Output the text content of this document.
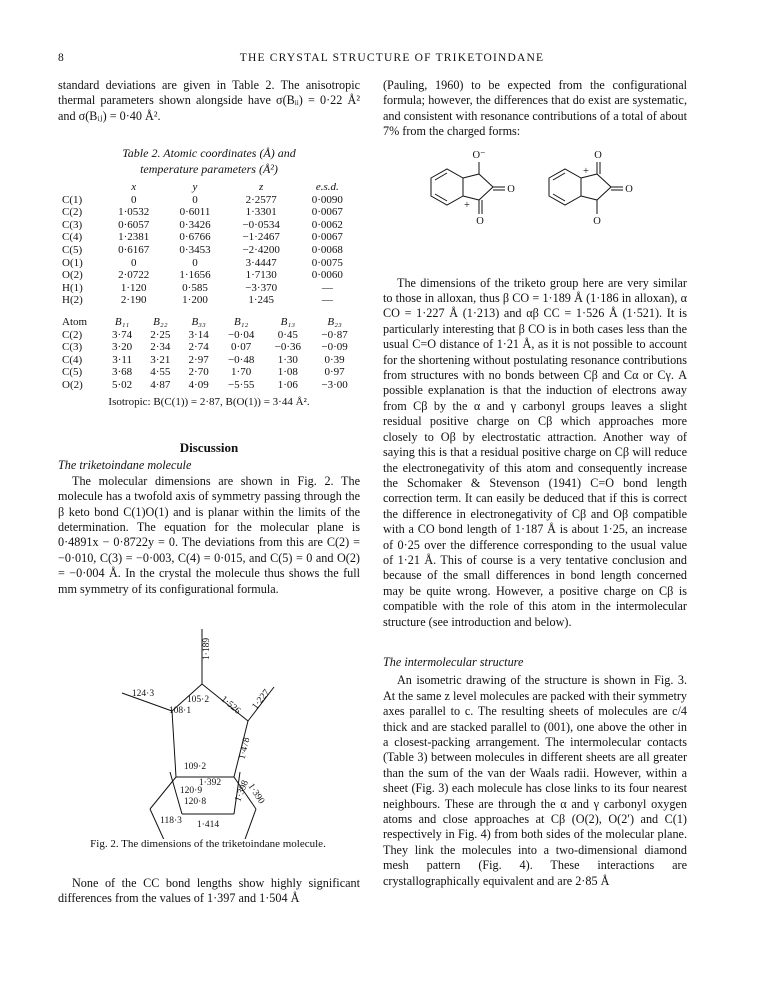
8	THE CRYSTAL STRUCTURE OF TRIKETOINDANE

standard deviations are given in Table 2. The anisotropic thermal parameters shown alongside have σ(Bᵢᵢ) = 0·22 Å² and σ(Bᵢⱼ) = 0·40 Å².

Table 2. Atomic coordinates (Å) and

temperature parameters (Å²)

	x	y	z	e.s.d.
C(1)	0	0	2·2577	0·0090
C(2)	1·0532	0·6011	1·3301	0·0067
C(3)	0·6057	0·3426	−0·0534	0·0062
C(4)	1·2381	0·6766	−1·2467	0·0067
C(5)	0·6167	0·3453	−2·4200	0·0068
O(1)	0	0	3·4447	0·0075
O(2)	2·0722	1·1656	1·7130	0·0060
H(1)	1·120	0·585	−3·370	—
H(2)	2·190	1·200	1·245	—
Atom	B₁₁	B₂₂	B₃₃	B₁₂	B₁₃	B₂₃
C(2)	3·74	2·25	3·14	−0·04	0·45	−0·87
C(3)	3·20	2·34	2·74	0·07	−0·36	−0·09
C(4)	3·11	3·21	2·97	−0·48	1·30	0·39
C(5)	3·68	4·55	2·70	1·70	1·08	0·97
O(2)	5·02	4·87	4·09	−5·55	1·06	−3·00

Isotropic: B(C(1)) = 2·87, B(O(1)) = 3·44 Å².

Discussion

The triketoindane molecule

The molecular dimensions are shown in Fig. 2. The molecule has a twofold axis of symmetry passing through the β keto bond C(1)O(1) and is planar within the limits of the determination. The equation for the molecular plane is 0·4891x − 0·8722y = 0. The deviations from this are C(2) = −0·010, C(3) = −0·003, C(4) = 0·015, and C(5) = 0 and O(2) = −0·004 Å. In the crystal the molecule thus shows the full mm symmetry of its configurational formula.

1·189
1·227
124·3
105·2 1·526
108·1
1·478
109·2
1·392
120·9	1·390
118·3
1·398
120·8
1·414

Fig. 2. The dimensions of the triketoindane molecule.

None of the CC bond lengths show highly significant differences from the values of 1·397 and 1·504 Å

(Pauling, 1960) to be expected from the configurational formula; however, the differences that do exist are systematic, and consistent with resonance contributions of a total of about 7% from the charged forms:

O⁻
O
+
O
O
O
+
O

The dimensions of the triketo group here are very similar to those in alloxan, thus β CO = 1·189 Å (1·186 in alloxan), α CO = 1·227 Å (1·213) and αβ CC = 1·526 Å (1·521). It is particularly interesting that β CO is in both cases less than the usual C=O distance of 1·21 Å, as it is not possible to account for the shortening without postulating resonance contributions from structures with no bonds between Cβ and Cα or Cγ. A possible explanation is that the induction of electrons away from Cβ by the α and γ carbonyl groups leaves a slight residual positive charge on Cβ which approaches more closely to Oβ by electrostatic attraction. Another way of saying this is that a residual positive charge on Cβ will reduce the electronegativity of this atom and consequently increase the Schomaker & Stevenson (1941) C=O bond length correction term. It can easily be deduced that if this is correct the difference in electronegativity of Cβ and Oβ compatible with a CO bond length of 1·187 Å is about 1·25, an increase of 0·25 over the difference corresponding to the usual value of 1·21 Å. This of course is a very tentative conclusion and because of the small differences in bond length concerned may be quite wrong. However, a positive charge on Cβ is compatible with the role of this atom in the intermolecular structure (see introduction and below).

The intermolecular structure

An isometric drawing of the structure is shown in Fig. 3. At the same z level molecules are packed with their symmetry axes parallel to c. The resulting sheets of molecules are c/4 thick and are stacked parallel to (001), one above the other in a closest-packing arrangement. The intermolecular contacts (Table 3) between molecules in different sheets are all greater than the sum of the van der Waals radii. However, within a sheet (Fig. 3) each molecule has close links to its four nearest neighbours. These are through the α and γ carbonyl oxygen atoms and close approaches at Cβ (O(2), O(2′) and C(1) respectively in Fig. 4) from both sides of the molecular plane. They link the molecules into a two-dimensional diamond mesh pattern (Fig. 4). These interactions are crystallographically equivalent and are 2·85 Å
